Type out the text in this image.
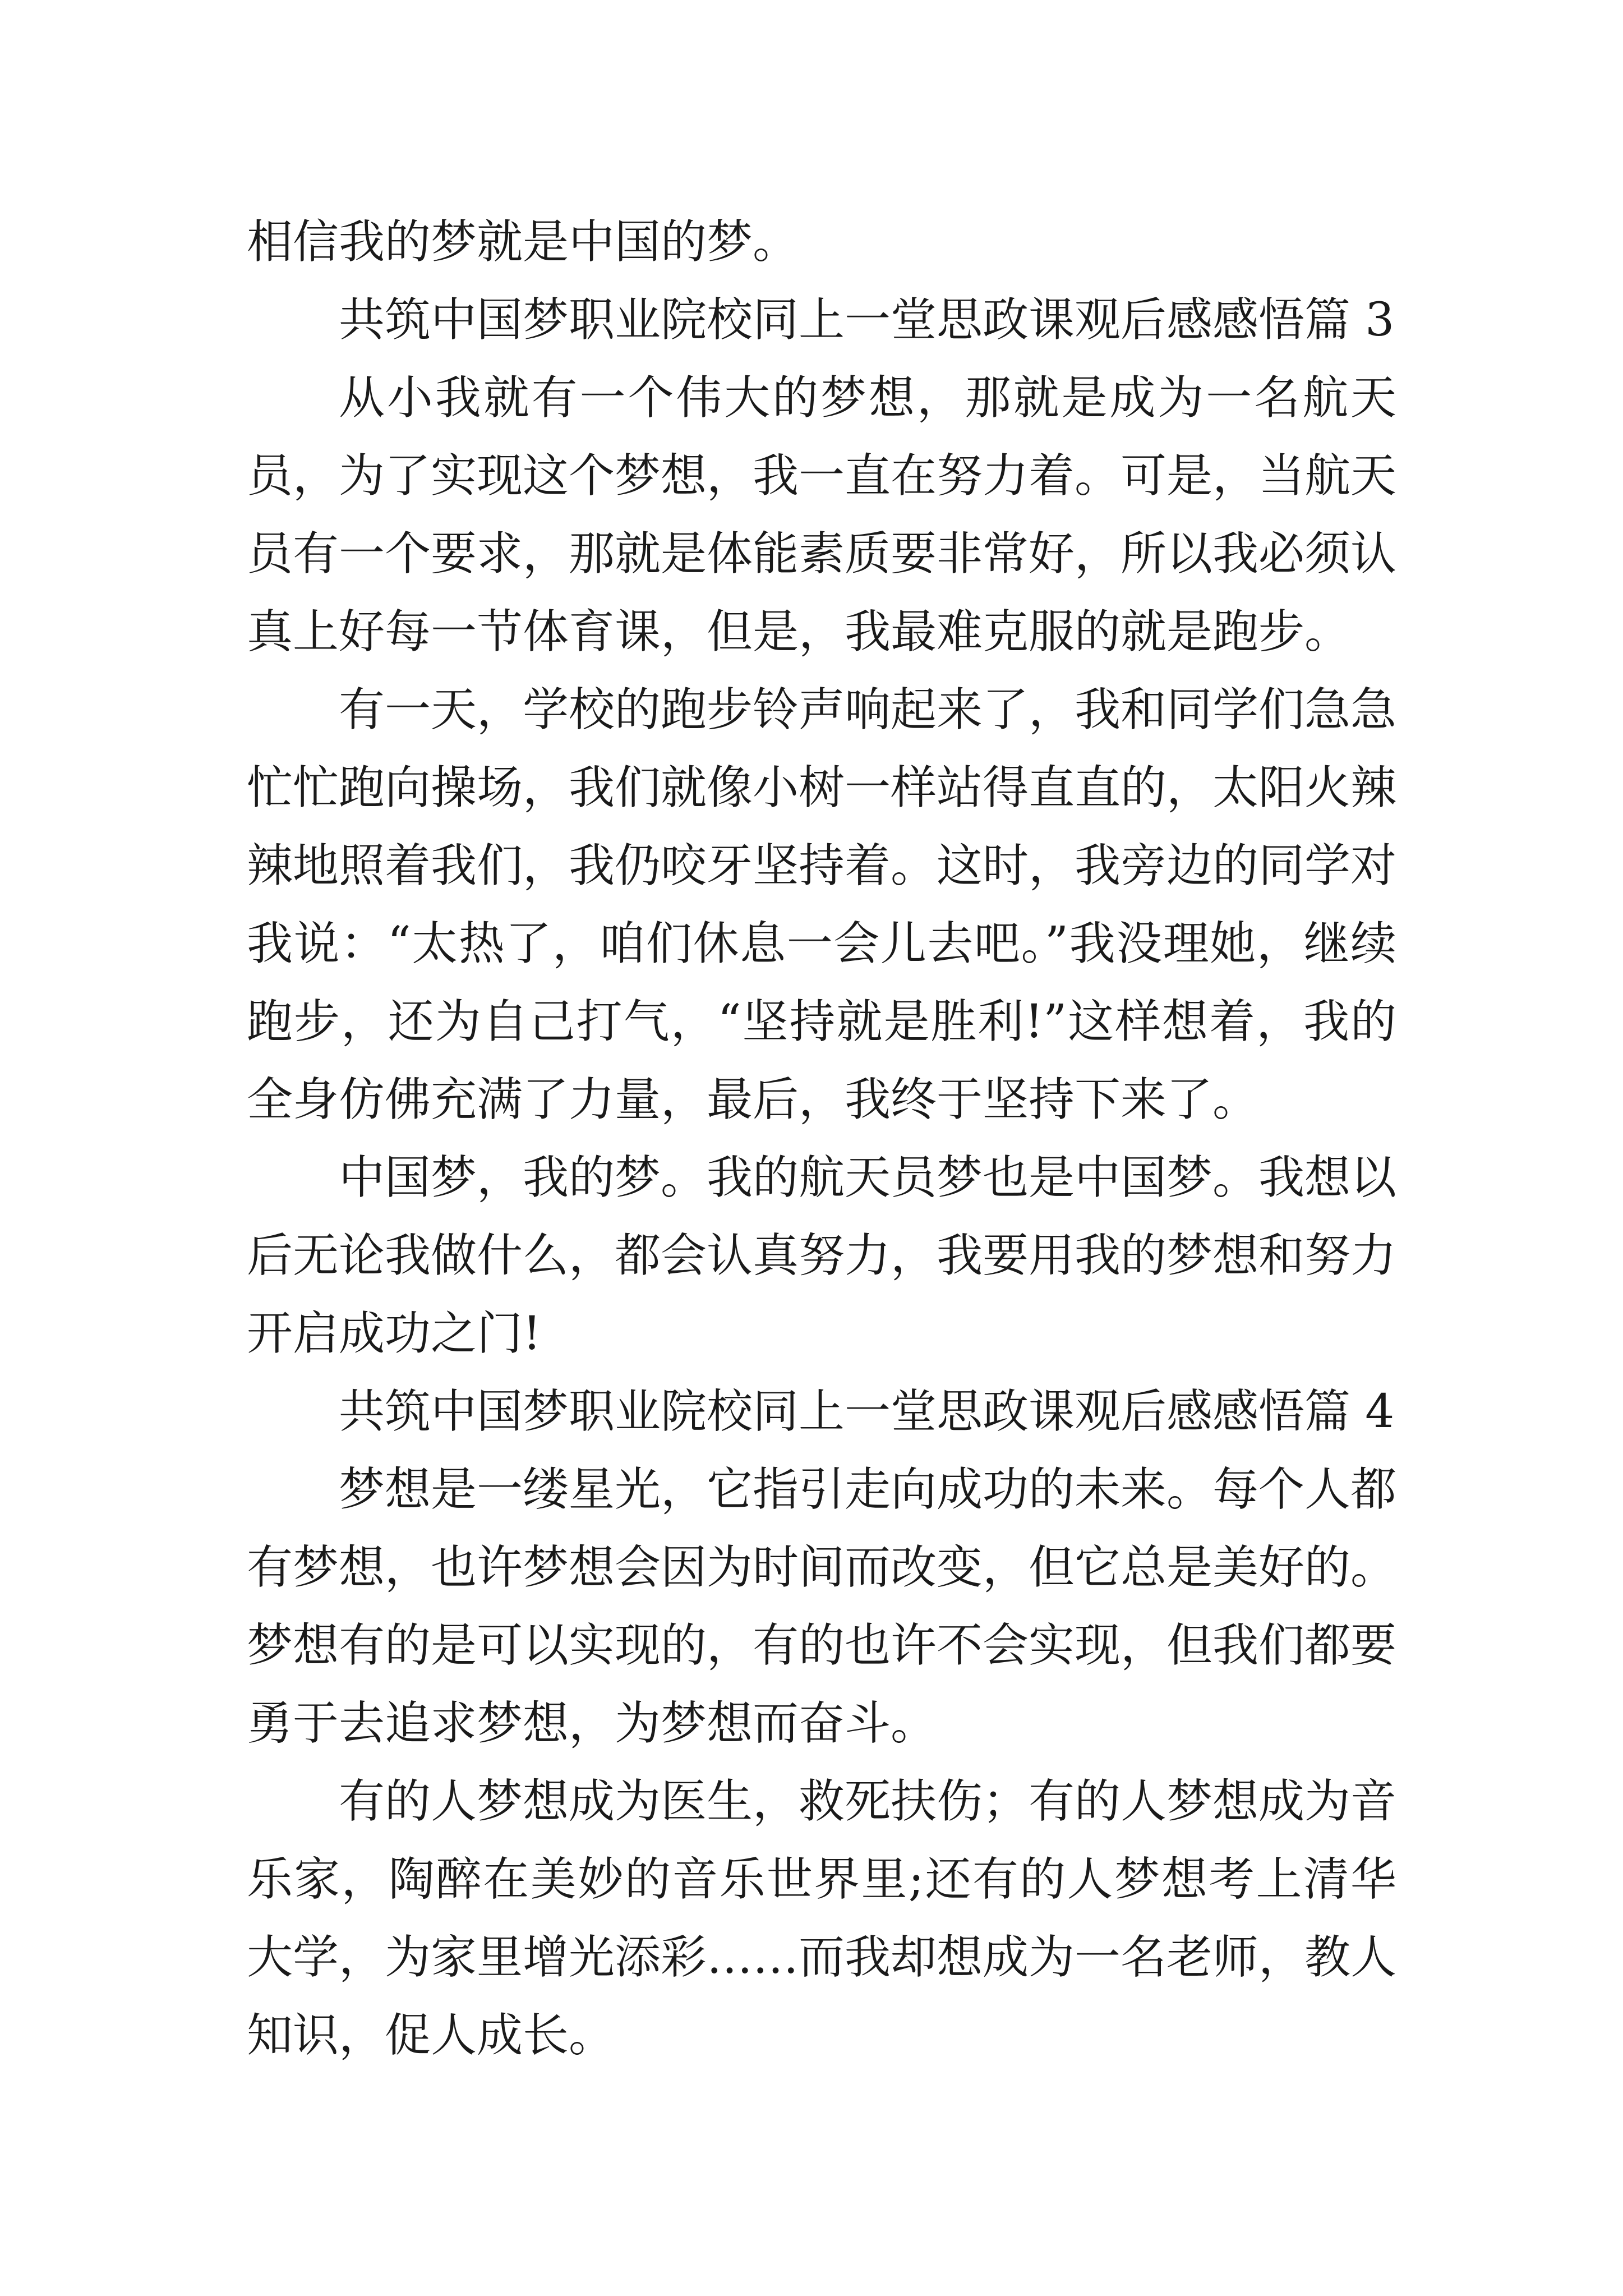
相信我的梦就是中国的梦。

共筑中国梦职业院校同上一堂思政课观后感感悟篇 3

从小我就有一个伟大的梦想，那就是成为一名航天员，为了实现这个梦想，我一直在努力着。可是，当航天员有一个要求，那就是体能素质要非常好，所以我必须认真上好每一节体育课，但是，我最难克服的就是跑步。

有一天，学校的跑步铃声响起来了，我和同学们急急忙忙跑向操场，我们就像小树一样站得直直的，太阳火辣辣地照着我们，我仍咬牙坚持着。这时，我旁边的同学对我说：“太热了，咱们休息一会儿去吧。”我没理她，继续跑步，还为自己打气，“坚持就是胜利!”这样想着，我的全身仿佛充满了力量，最后，我终于坚持下来了。

中国梦，我的梦。我的航天员梦也是中国梦。我想以后无论我做什么，都会认真努力，我要用我的梦想和努力开启成功之门!

共筑中国梦职业院校同上一堂思政课观后感感悟篇 4

梦想是一缕星光，它指引走向成功的未来。每个人都有梦想，也许梦想会因为时间而改变，但它总是美好的。梦想有的是可以实现的，有的也许不会实现，但我们都要勇于去追求梦想，为梦想而奋斗。

有的人梦想成为医生，救死扶伤；有的人梦想成为音乐家，陶醉在美妙的音乐世界里;还有的人梦想考上清华大学，为家里增光添彩……而我却想成为一名老师，教人知识，促人成长。
